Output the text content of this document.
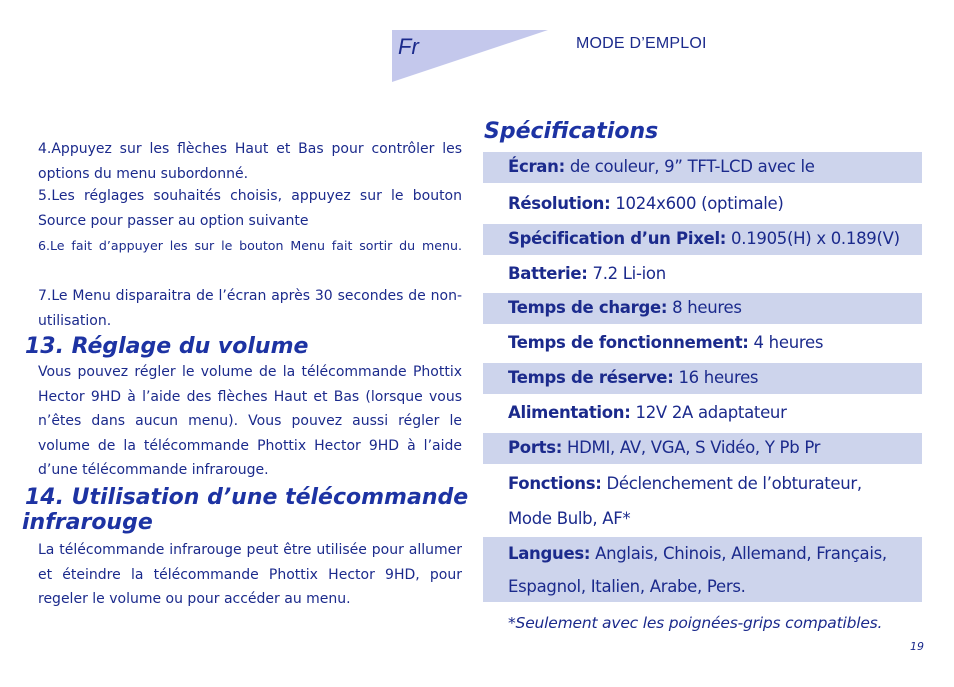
Fr	MODE D’EMPLOI
4.Appuyez sur les flèches Haut et Bas pour contrôler les options du menu subordonné.
5.Les réglages souhaités choisis, appuyez sur le bouton Source pour passer au option suivante
6.Le fait d’appuyer les sur le bouton Menu fait sortir du menu.
7.Le Menu disparaitra de l’écran après 30 secondes de non-utilisation.
13. Réglage du volume
Vous pouvez régler le volume de la télécommande Phottix Hector 9HD à l’aide des flèches Haut et Bas (lorsque vous n’êtes dans aucun menu). Vous pouvez aussi régler le volume de la télécommande Phottix Hector 9HD à l’aide d’une télécommande infrarouge.
14. Utilisation d’une télécommande
infrarouge
La télécommande infrarouge peut être utilisée pour allumer et éteindre la télécommande Phottix Hector 9HD, pour regeler le volume ou pour accéder au menu.
Spécifications
Écran: de couleur, 9” TFT-LCD avec le
Résolution: 1024x600 (optimale)
Spécification d’un Pixel: 0.1905(H) x 0.189(V)
Batterie: 7.2 Li-ion
Temps de charge: 8 heures
Temps de fonctionnement: 4 heures
Temps de réserve: 16 heures
Alimentation: 12V 2A adaptateur
Ports: HDMI, AV, VGA, S Vidéo, Y Pb Pr
Fonctions: Déclenchement de l’obturateur,
Mode Bulb, AF*
Langues: Anglais, Chinois, Allemand, Français,
Espagnol, Italien, Arabe, Pers.
*Seulement avec les poignées-grips compatibles.
19
